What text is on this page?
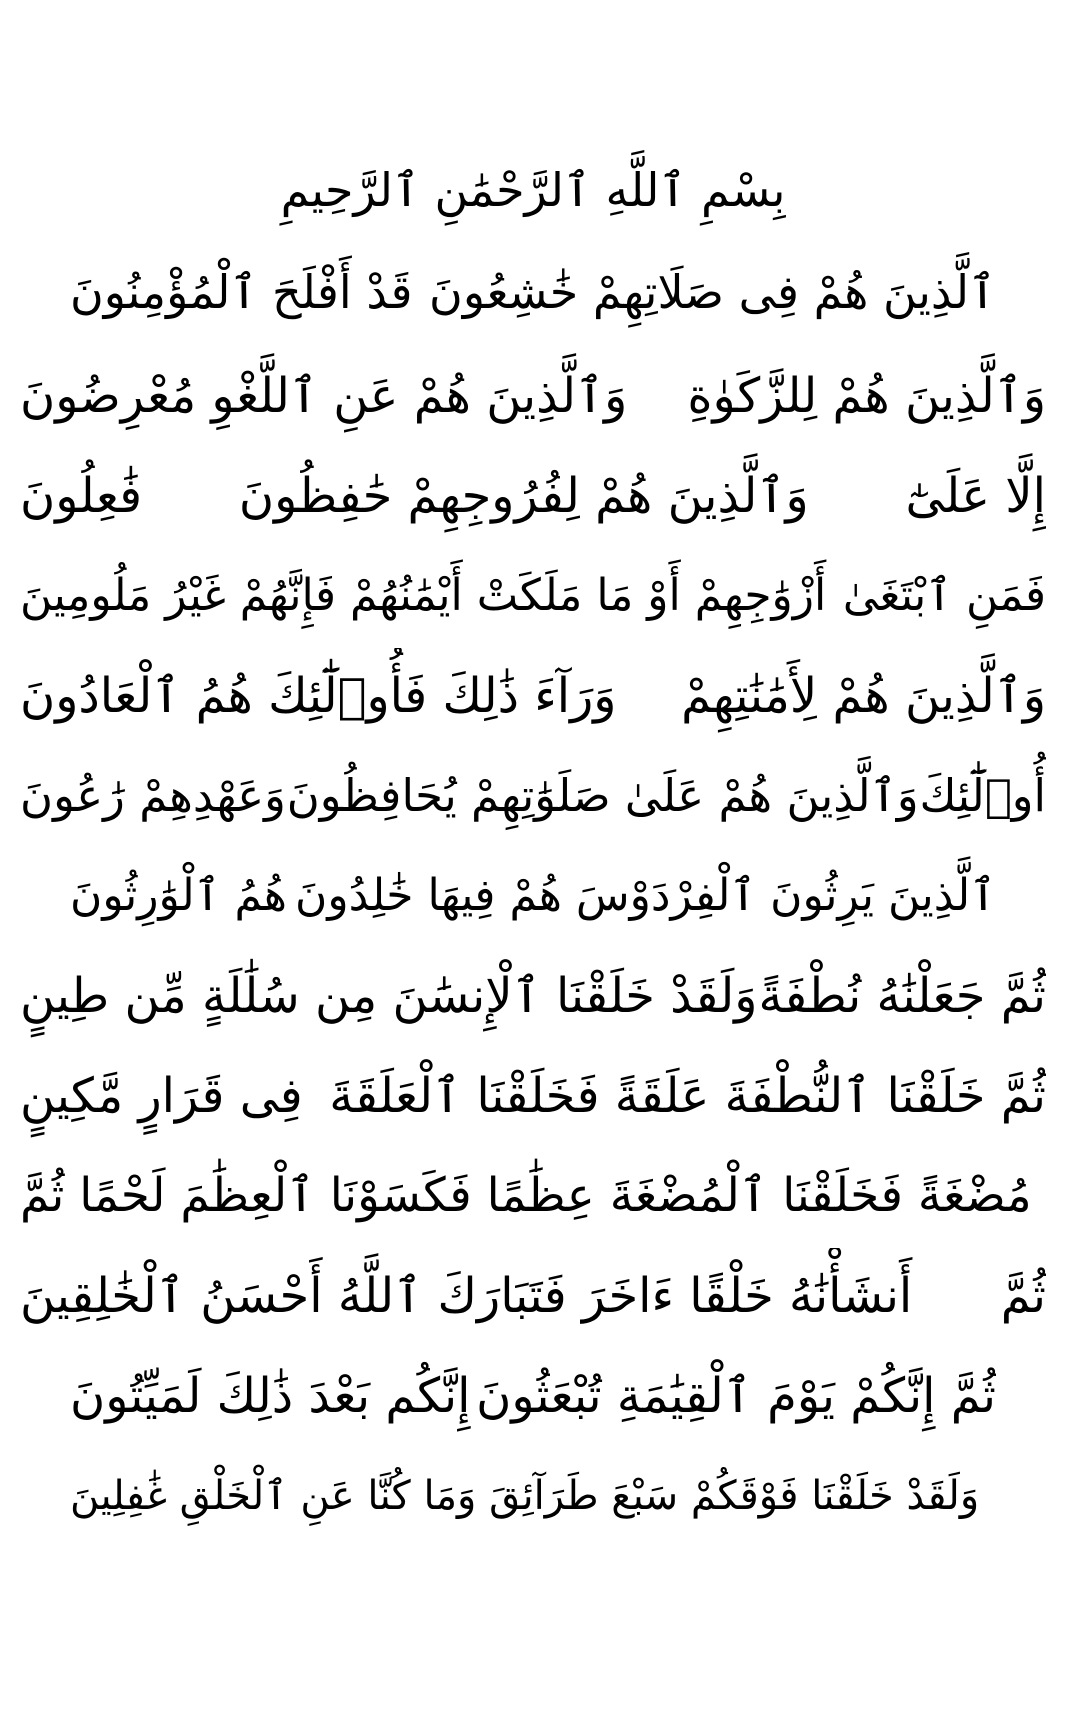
بِسْمِ ٱللَّهِ ٱلرَّحْمَٰنِ ٱلرَّحِيمِ
قَدْ أَفْلَحَ ٱلْمُؤْمِنُونَ ٱلَّذِينَ هُمْ فِى صَلَاتِهِمْ خَٰشِعُونَ
وَٱلَّذِينَ هُمْ عَنِ ٱللَّغْوِ مُعْرِضُونَ وَٱلَّذِينَ هُمْ لِلزَّكَوٰةِ
فَٰعِلُونَ وَٱلَّذِينَ هُمْ لِفُرُوجِهِمْ حَٰفِظُونَ إِلَّا عَلَىٰٓ
أَزْوَٰجِهِمْ أَوْ مَا مَلَكَتْ أَيْمَٰنُهُمْ فَإِنَّهُمْ غَيْرُ مَلُومِينَ فَمَنِ ٱبْتَغَىٰ
وَرَآءَ ذَٰلِكَ فَأُو۟لَٰٓئِكَ هُمُ ٱلْعَادُونَ وَٱلَّذِينَ هُمْ لِأَمَٰنَٰتِهِمْ
وَعَهْدِهِمْ رَٰعُونَ وَٱلَّذِينَ هُمْ عَلَىٰ صَلَوَٰتِهِمْ يُحَافِظُونَ أُو۟لَٰٓئِكَ
هُمُ ٱلْوَٰرِثُونَ ٱلَّذِينَ يَرِثُونَ ٱلْفِرْدَوْسَ هُمْ فِيهَا خَٰلِدُونَ
وَلَقَدْ خَلَقْنَا ٱلْإِنسَٰنَ مِن سُلَٰلَةٍ مِّن طِينٍ ثُمَّ جَعَلْنَٰهُ نُطْفَةً
فِى قَرَارٍ مَّكِينٍ ثُمَّ خَلَقْنَا ٱلنُّطْفَةَ عَلَقَةً فَخَلَقْنَا ٱلْعَلَقَةَ
مُضْغَةً فَخَلَقْنَا ٱلْمُضْغَةَ عِظَٰمًا فَكَسَوْنَا ٱلْعِظَٰمَ لَحْمًا ثُمَّ
أَنشَأْنَٰهُ خَلْقًا ءَاخَرَ فَتَبَارَكَ ٱللَّهُ أَحْسَنُ ٱلْخَٰلِقِينَ ثُمَّ
إِنَّكُم بَعْدَ ذَٰلِكَ لَمَيِّتُونَ ثُمَّ إِنَّكُمْ يَوْمَ ٱلْقِيَٰمَةِ تُبْعَثُونَ
وَلَقَدْ خَلَقْنَا فَوْقَكُمْ سَبْعَ طَرَآئِقَ وَمَا كُنَّا عَنِ ٱلْخَلْقِ غَٰفِلِينَ
